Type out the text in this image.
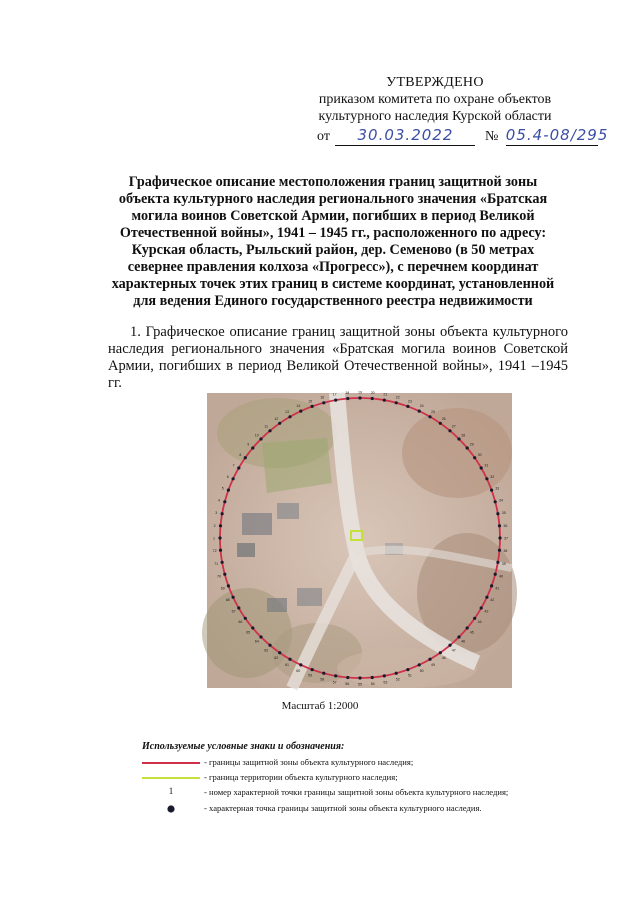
УТВЕРЖДЕНО
приказом комитета по охране объектов
культурного наследия Курской области
от 30.03.2022 № 05.4-08/295
Графическое описание местоположения границ защитной зоны объекта культурного наследия регионального значения «Братская могила воинов Советской Армии, погибших в период Великой Отечественной войны», 1941 – 1945 гг., расположенного по адресу: Курская область, Рыльский район, дер. Семеново (в 50 метрах севернее правления колхоза «Прогресс»), с перечнем координат характерных точек этих границ в системе координат, установленной для ведения Единого государственного реестра недвижимости
1. Графическое описание границ защитной зоны объекта культурного наследия регионального значения «Братская могила воинов Советской Армии, погибших в период Великой Отечественной войны», 1941 –1945 гг.
19 20 21
22
23
24
25
26
27
28
29
30
31
32
33
34
35
36
37
38
39
40
41
42
43
44
45
46
47
48
49
50
51
52
53
54
55
56
57
58
59
60
61
62
63
64
65
66
67
68
69
70
71
72
1
2
3
4
5
6
7
8
9
10
11
12
13
14
15
16
17 18
Масштаб 1:2000
Используемые условные знаки и обозначения:
- границы защитной зоны объекта культурного наследия;
- граница территории объекта культурного наследия;
1	- номер характерной точки границы защитной зоны объекта культурного наследия;
- характерная точка границы защитной зоны объекта культурного наследия.
